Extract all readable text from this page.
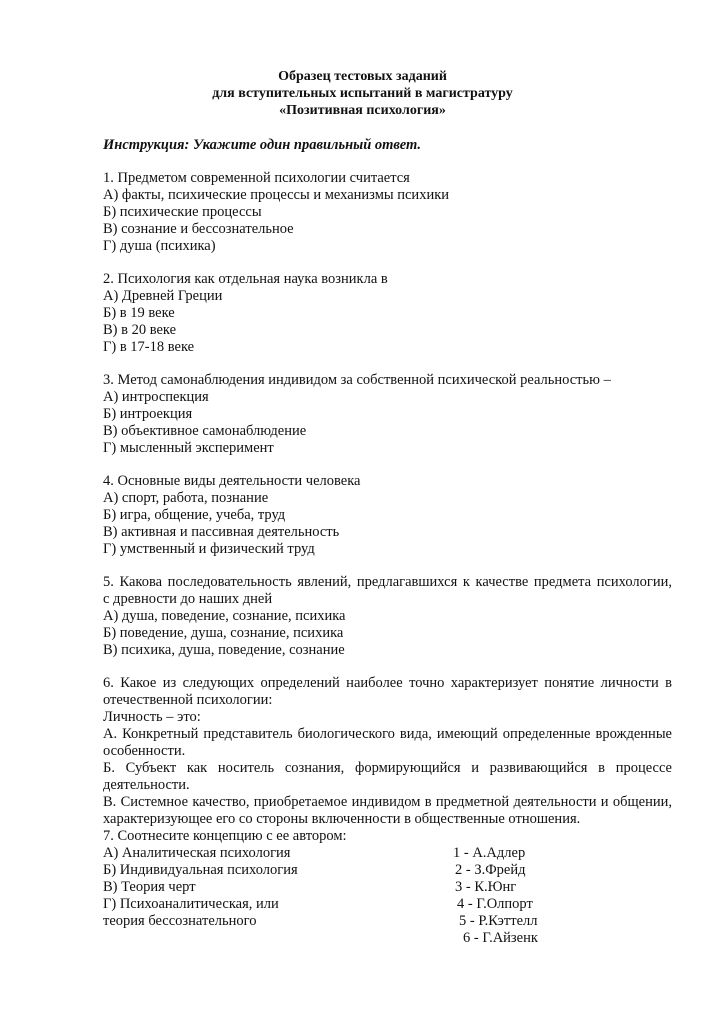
Образец тестовых заданий
для вступительных испытаний в магистратуру
«Позитивная психология»
Инструкция: Укажите один правильный ответ.
1. Предметом современной психологии считается
А) факты, психические процессы и механизмы психики
Б) психические процессы
В) сознание и бессознательное
Г) душа (психика)
2. Психология как отдельная наука возникла в
А) Древней Греции
Б) в 19 веке
В) в 20 веке
Г) в 17-18 веке
3. Метод самонаблюдения индивидом за собственной психической реальностью –
А) интроспекция
Б) интроекция
В) объективное самонаблюдение
Г) мысленный эксперимент
4. Основные виды деятельности человека
А) спорт, работа, познание
Б) игра, общение, учеба, труд
В) активная и пассивная деятельность
Г) умственный и физический труд
5. Какова последовательность явлений, предлагавшихся к качестве предмета психологии,
с древности до наших дней
А) душа, поведение, сознание, психика
Б) поведение, душа, сознание, психика
В) психика, душа, поведение, сознание
6. Какое из следующих определений наиболее точно характеризует понятие личности в
отечественной психологии:
Личность – это:
А. Конкретный представитель биологического вида, имеющий определенные врожденные
особенности.
Б. Субъект как носитель сознания, формирующийся и развивающийся в процессе
деятельности.
В. Системное качество, приобретаемое индивидом в предметной деятельности и общении,
характеризующее его со стороны включенности в общественные отношения.
7. Соотнесите концепцию с ее автором:
А) Аналитическая психология
Б) Индивидуальная психология
В) Теория черт
Г) Психоаналитическая, или
теория бессознательного
1 - А.Адлер
2 - З.Фрейд
3 - К.Юнг
4 - Г.Олпорт
5 - Р.Кэттелл
6 - Г.Айзенк
